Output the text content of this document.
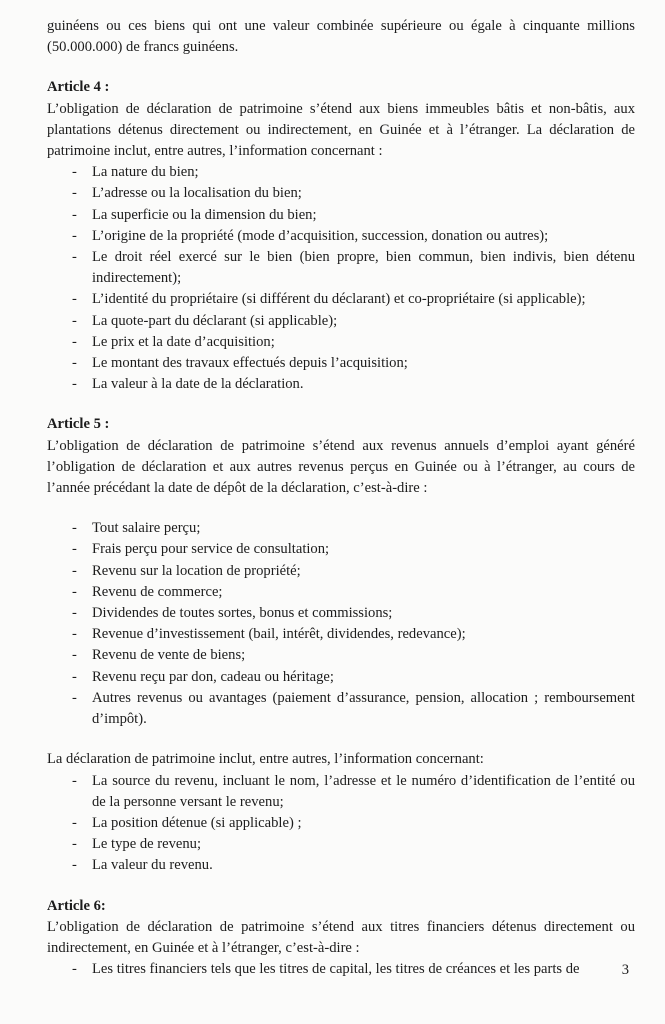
guinéens ou ces biens qui ont une valeur combinée supérieure ou égale à cinquante millions (50.000.000) de francs guinéens.

Article 4 :

L’obligation de déclaration de patrimoine s’étend aux biens immeubles bâtis et non-bâtis, aux plantations détenus directement ou indirectement, en Guinée et à l’étranger. La déclaration de patrimoine inclut, entre autres, l’information concernant :

- La nature du bien;
- L’adresse ou la localisation du bien;
- La superficie ou la dimension du bien;
- L’origine de la propriété (mode d’acquisition, succession, donation ou autres);
- Le droit réel exercé sur le bien (bien propre, bien commun, bien indivis, bien détenu indirectement);
- L’identité du propriétaire (si différent du déclarant) et co-propriétaire (si applicable);
- La quote-part du déclarant (si applicable);
- Le prix et la date d’acquisition;
- Le montant des travaux effectués depuis l’acquisition;
- La valeur à la date de la déclaration.

Article 5 :

L’obligation de déclaration de patrimoine s’étend aux revenus annuels d’emploi ayant généré l’obligation de déclaration et aux autres revenus perçus en Guinée ou à l’étranger, au cours de l’année précédant la date de dépôt de la déclaration, c’est-à-dire :

- Tout salaire perçu;
- Frais perçu pour service de consultation;
- Revenu sur la location de propriété;
- Revenu de commerce;
- Dividendes de toutes sortes, bonus et commissions;
- Revenue d’investissement (bail, intérêt, dividendes, redevance);
- Revenu de vente de biens;
- Revenu reçu par don, cadeau ou héritage;
- Autres revenus ou avantages (paiement d’assurance, pension, allocation ; remboursement d’impôt).

La déclaration de patrimoine inclut, entre autres, l’information concernant:

- La source du revenu, incluant le nom, l’adresse et le numéro d’identification de l’entité ou de la personne versant le revenu;
- La position détenue (si applicable) ;
- Le type de revenu;
- La valeur du revenu.

Article 6:

L’obligation de déclaration de patrimoine s’étend aux titres financiers détenus directement ou indirectement, en Guinée et à l’étranger, c’est-à-dire :

- Les titres financiers tels que les titres de capital, les titres de créances et les parts de	3
